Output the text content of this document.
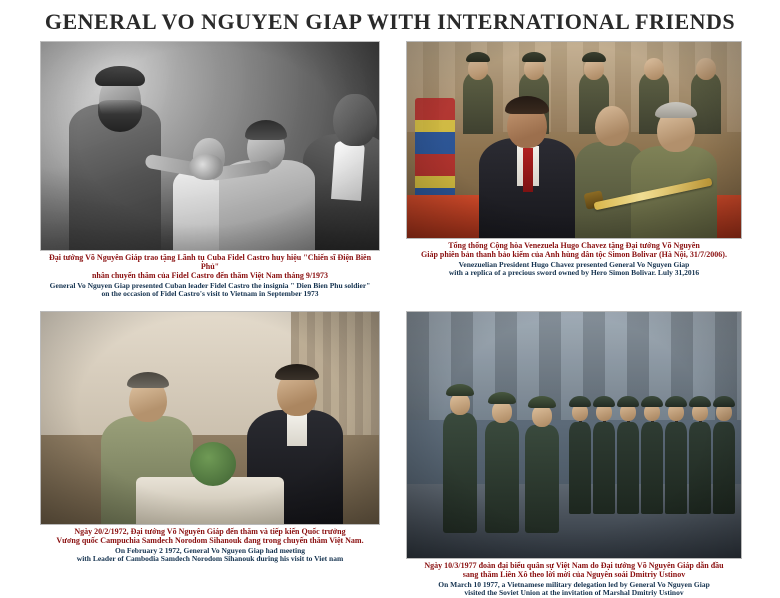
GENERAL VO NGUYEN GIAP WITH INTERNATIONAL FRIENDS
Đại tướng Võ Nguyên Giáp trao tặng Lãnh tụ Cuba Fidel Castro huy hiệu "Chiến sĩ Điện Biên Phủ"
nhân chuyến thăm của Fidel Castro đến thăm Việt Nam tháng 9/1973
General Vo Nguyen Giap presented Cuban leader Fidel Castro the insignia " Dien Bien Phu soldier"
on the occasion of Fidel Castro's visit to Vietnam in September 1973
Tổng thống Cộng hòa Venezuela Hugo Chavez tặng Đại tướng Võ Nguyên
Giáp phiên bản thanh bảo kiếm của Anh hùng dân tộc Simon Bolivar (Hà Nội, 31/7/2006).
Venezuelian President Hugo Chavez presented General Vo Nguyen Giap
with a replica of a precious sword owned by Hero Simon Bolivar. Luly 31,2016
Ngày 20/2/1972, Đại tướng Võ Nguyên Giáp đến thăm và tiếp kiến Quốc trưởng
Vương quốc Campuchia Samdech Norodom Sihanouk đang trong chuyến thăm Việt Nam.
On February 2 1972, General Vo Nguyen Giap had meeting
with Leader of Cambodia Samdech Norodom Sihanouk during his visit to Viet nam
Ngày 10/3/1977 đoàn đại biểu quân sự Việt Nam do Đại tướng Võ Nguyên Giáp dẫn đầu
sang thăm Liên Xô theo lời mời của Nguyên soái Dmitriy Ustinov
On March 10 1977, a Vietnamese military delegation led by General Vo Nguyen Giap
visited the Soviet Union at the invitation of Marshal Dmitriy Ustinov
